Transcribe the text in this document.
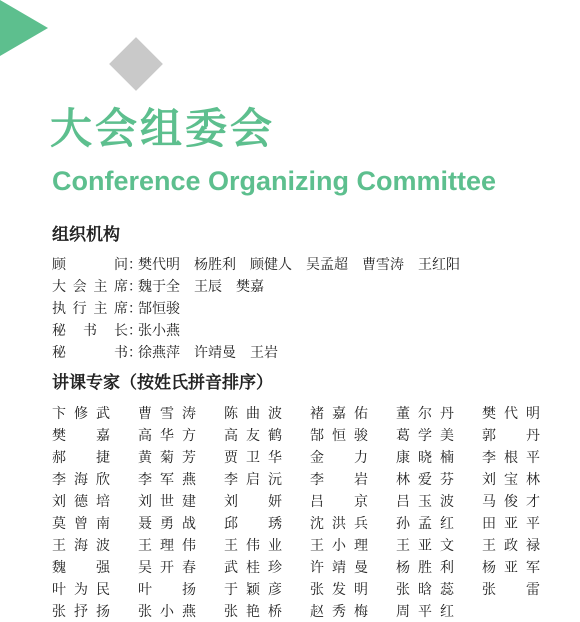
大会组委会
Conference Organizing Committee
组织机构
顾问 ：
樊代明 杨胜利 顾健人 吴孟超 曹雪涛 王红阳
大会主席 ：
魏于全 王辰 樊嘉
执行主席 ：
郜恒骏
秘书长 ：
张小燕
秘书 ：
徐燕萍 许靖曼 王岩
讲课专家（按姓氏拼音排序）
卞修武 曹雪涛 陈曲波 褚嘉佑 董尔丹 樊代明
樊嘉 高华方 高友鹤 郜恒骏 葛学美 郭丹
郝捷 黄菊芳 贾卫华 金力 康晓楠 李根平
李海欣 李军燕 李启沅 李岩 林爱芬 刘宝林
刘德培 刘世建 刘妍 吕京 吕玉波 马俊才
莫曾南 聂勇战 邱琇 沈洪兵 孙孟红 田亚平
王海波 王理伟 王伟业 王小理 王亚文 王政禄
魏强 吴开春 武桂珍 许靖曼 杨胜利 杨亚军
叶为民 叶扬 于颖彦 张发明 张晗蕊 张雷
张抒扬 张小燕 张艳桥 赵秀梅 周平红
